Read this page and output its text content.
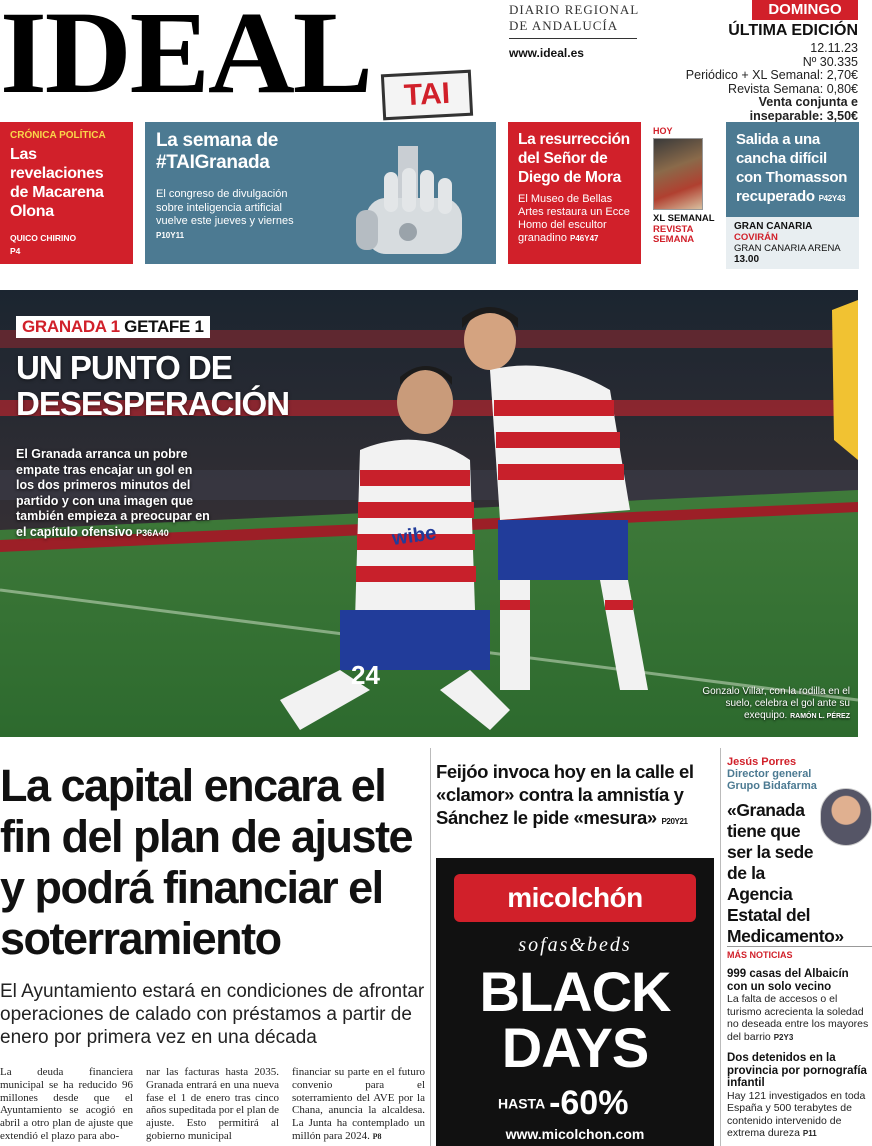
IDEAL	TAI
DIARIO REGIONAL
DE ANDALUCÍA
www.ideal.es
DOMINGO
ÚLTIMA EDICIÓN
12.11.23
Nº 30.335
Periódico + XL Semanal: 2,70€
Revista Semana: 0,80€
Venta conjunta e
inseparable: 3,50€
CRÓNICA POLÍTICA
Las revelaciones de Macarena Olona
QUICO CHIRINO
P4
La semana de #TAIGranada
El congreso de divulgación sobre inteligencia artificial vuelve este jueves y viernes P10Y11
La resurrección del Señor de Diego de Mora
El Museo de Bellas Artes restaura un Ecce Homo del escultor granadino P46Y47
HOY
XL SEMANAL
REVISTA SEMANA
Salida a una cancha difícil con Thomasson recuperado P42Y43
GRAN CANARIA COVIRÁN
GRAN CANARIA ARENA
13.00
GRANADA 1 GETAFE 1
UN PUNTO DE
DESESPERACIÓN
El Granada arranca un pobre empate tras encajar un gol en los dos primeros minutos del partido y con una imagen que también empieza a preocupar en el capítulo ofensivo P36A40
24
wibe
Gonzalo Villar, con la rodilla en el suelo, celebra el gol ante su exequipo. RAMÓN L. PÉREZ
La capital encara el fin del plan de ajuste y podrá financiar el soterramiento
El Ayuntamiento estará en condiciones de afrontar operaciones de calado con préstamos a partir de enero por primera vez en una década
La deuda financiera municipal se ha reducido 96 millones desde que el Ayuntamiento se acogió en abril a otro plan de ajuste que extendió el plazo para abo-
nar las facturas hasta 2035. Granada entrará en una nueva fase el 1 de enero tras cinco años supeditada por el plan de ajuste. Esto permitirá al gobierno municipal
financiar su parte en el futuro convenio para el soterramiento del AVE por la Chana, anuncia la alcaldesa. La Junta ha contemplado un millón para 2024. P8
Feijóo invoca hoy en la calle el «clamor» contra la amnistía y Sánchez le pide «mesura» P20Y21
micolchón
sofas&beds
BLACK
DAYS
HASTA -60%
www.micolchon.com
Jesús Porres Director general Grupo Bidafarma
«Granada tiene que ser la sede de la Agencia Estatal del Medicamento»
MÁS NOTICIAS
999 casas del Albaicín con un solo vecino
La falta de accesos o el turismo acrecienta la soledad no deseada entre los mayores del barrio P2Y3
Dos detenidos en la provincia por pornografía infantil
Hay 121 investigados en toda España y 500 terabytes de contenido intervenido de extrema dureza P11
